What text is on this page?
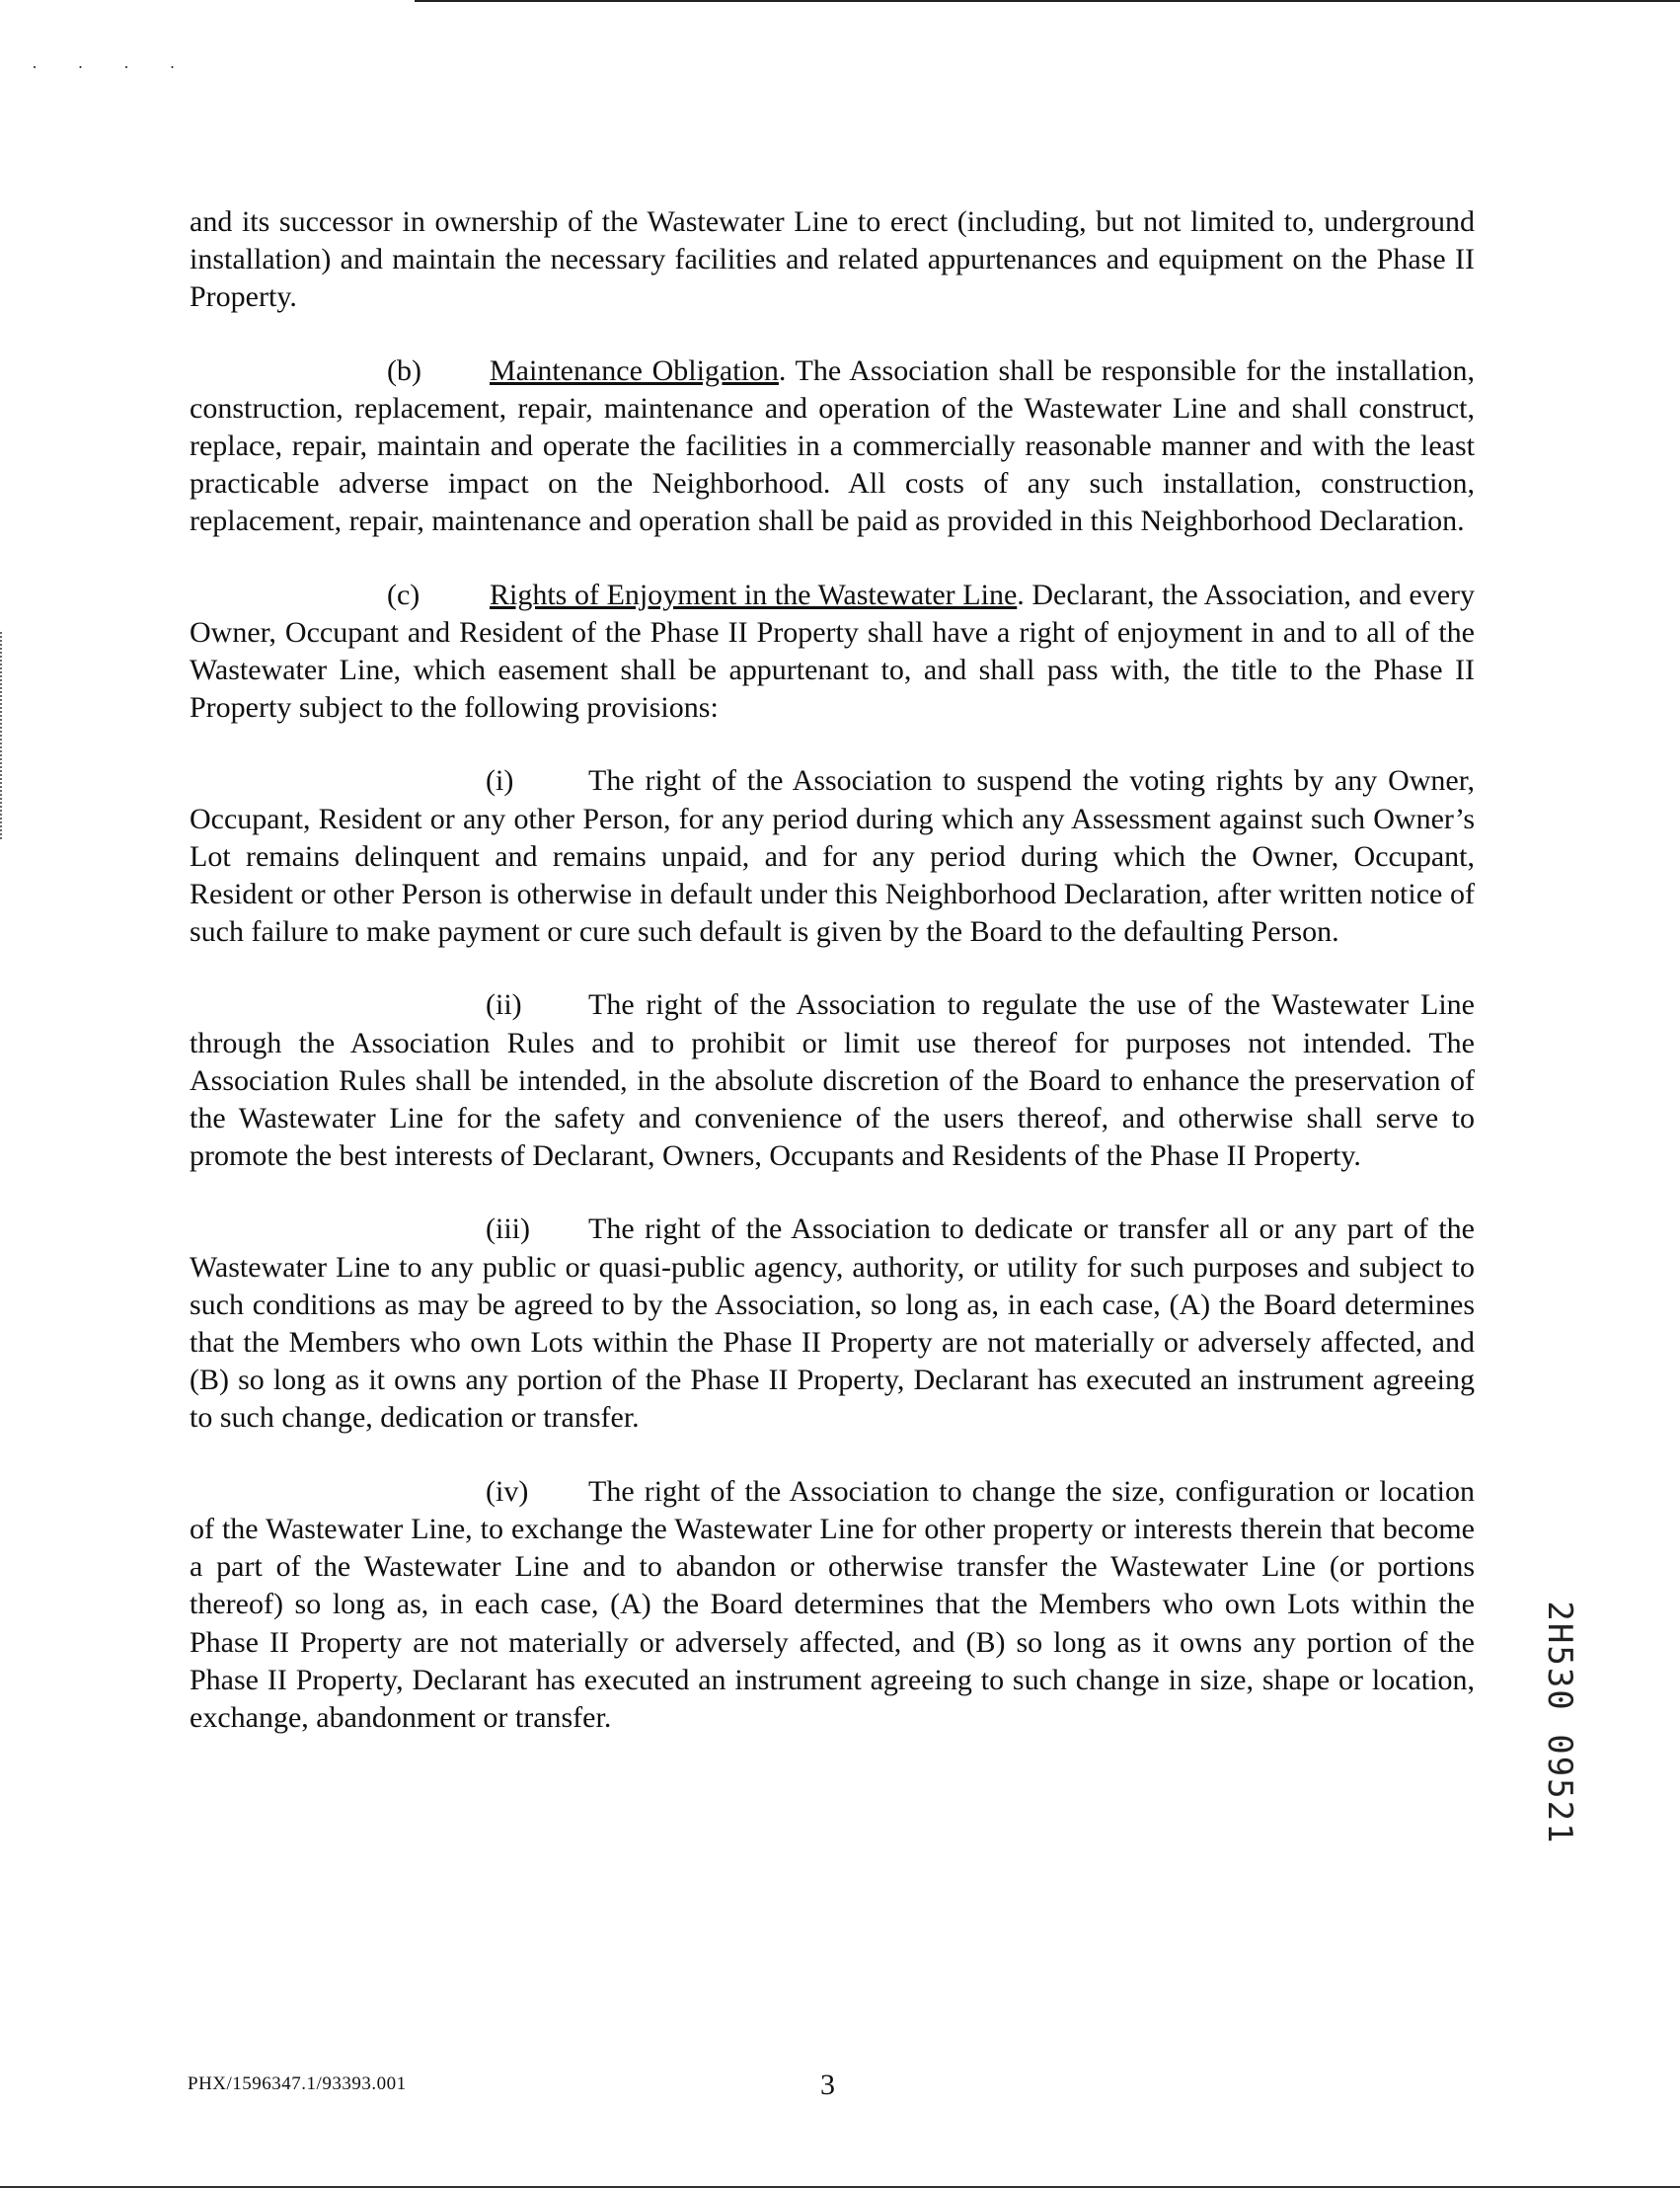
· · · ·

and its successor in ownership of the Wastewater Line to erect (including, but not limited to, underground installation) and maintain the necessary facilities and related appurtenances and equipment on the Phase II Property.

(b) Maintenance Obligation. The Association shall be responsible for the installation, construction, replacement, repair, maintenance and operation of the Wastewater Line and shall construct, replace, repair, maintain and operate the facilities in a commercially reasonable manner and with the least practicable adverse impact on the Neighborhood. All costs of any such installation, construction, replacement, repair, maintenance and operation shall be paid as provided in this Neighborhood Declaration.

(c) Rights of Enjoyment in the Wastewater Line. Declarant, the Association, and every Owner, Occupant and Resident of the Phase II Property shall have a right of enjoyment in and to all of the Wastewater Line, which easement shall be appurtenant to, and shall pass with, the title to the Phase II Property subject to the following provisions:

(i)	The right of the Association to suspend the voting rights by any Owner, Occupant, Resident or any other Person, for any period during which any Assessment against such Owner’s Lot remains delinquent and remains unpaid, and for any period during which the Owner, Occupant, Resident or other Person is otherwise in default under this Neighborhood Declaration, after written notice of such failure to make payment or cure such default is given by the Board to the defaulting Person.

(ii) The right of the Association to regulate the use of the Wastewater Line through the Association Rules and to prohibit or limit use thereof for purposes not intended. The Association Rules shall be intended, in the absolute discretion of the Board to enhance the preservation of the Wastewater Line for the safety and convenience of the users thereof, and otherwise shall serve to promote the best interests of Declarant, Owners, Occupants and Residents of the Phase II Property.

(iii) The right of the Association to dedicate or transfer all or any part of the Wastewater Line to any public or quasi-public agency, authority, or utility for such purposes and subject to such conditions as may be agreed to by the Association, so long as, in each case, (A) the Board determines that the Members who own Lots within the Phase II Property are not materially or adversely affected, and (B) so long as it owns any portion of the Phase II Property, Declarant has executed an instrument agreeing to such change, dedication or transfer.

(iv) The right of the Association to change the size, configuration or location of the Wastewater Line, to exchange the Wastewater Line for other property or interests therein that become a part of the Wastewater Line and to abandon or otherwise transfer the Wastewater Line (or portions thereof) so long as, in each case, (A) the Board determines that the Members who own Lots within the Phase II Property are not materially or adversely affected, and (B) so long as it owns any portion of the Phase II Property, Declarant has executed an instrument agreeing to such change in size, shape or location, exchange, abandonment or transfer.	2H530 09521
PHX/1596347.1/93393.001	3
